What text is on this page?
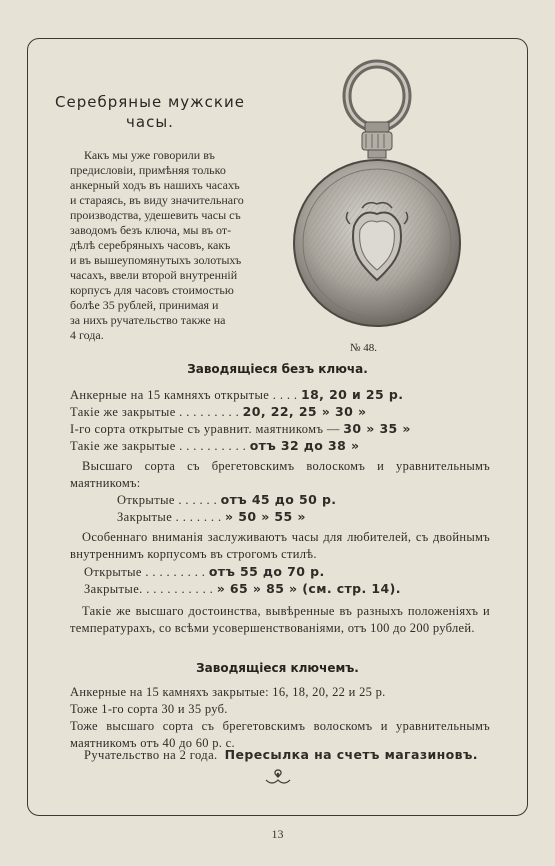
Серебряные мужские
часы.
Какъ мы уже говорили въ
предисловіи, примѣняя только
анкерный ходъ въ нашихъ часахъ
и стараясь, въ виду значительнаго
производства, удешевить часы съ
заводомъ безъ ключа, мы въ от-
дѣлѣ серебряныхъ часовъ, какъ
и въ вышеупомянутыхъ золотыхъ
часахъ, ввели второй внутренній
корпусъ для часовъ стоимостью
болѣе 35 рублей, принимая и
за нихъ ручательство также на
4 года.
№ 48.
Заводящіеся безъ ключа.
Анкерные на 15 камняхъ открытые . . . . 18, 20 и 25 р.
Такіе же закрытые . . . . . . . . . 20, 22, 25 » 30 »
І-го сорта открытые съ уравнит. маятникомъ — 30 » 35 »
Такіе же закрытые . . . . . . . . . . отъ 32 до 38 »
Высшаго сорта съ брегетовскимъ волоскомъ и уравнительнымъ маятникомъ:
Открытые . . . . . . отъ 45 до 50 р.
Закрытые . . . . . . . » 50 » 55 »
Особеннаго вниманія заслуживаютъ часы для любителей, съ двойнымъ внутреннимъ корпусомъ въ строгомъ стилѣ.
Открытые . . . . . . . . . отъ 55 до 70 р.
Закрытые. . . . . . . . . . . » 65 » 85 » (см. стр. 14).
Такіе же высшаго достоинства, вывѣренные въ разныхъ положеніяхъ и температурахъ, со всѣми усовершенствованіями, отъ 100 до 200 рублей.
Заводящіеся ключемъ.
Анкерные на 15 камняхъ закрытые: 16, 18, 20, 22 и 25 р.
Тоже 1-го сорта 30 и 35 руб.
Тоже высшаго сорта съ брегетовскимъ волоскомъ и уравнительнымъ маятникомъ отъ 40 до 60 р. с.
Ручательство на 2 года. Пересылка на счетъ магазиновъ.
13
